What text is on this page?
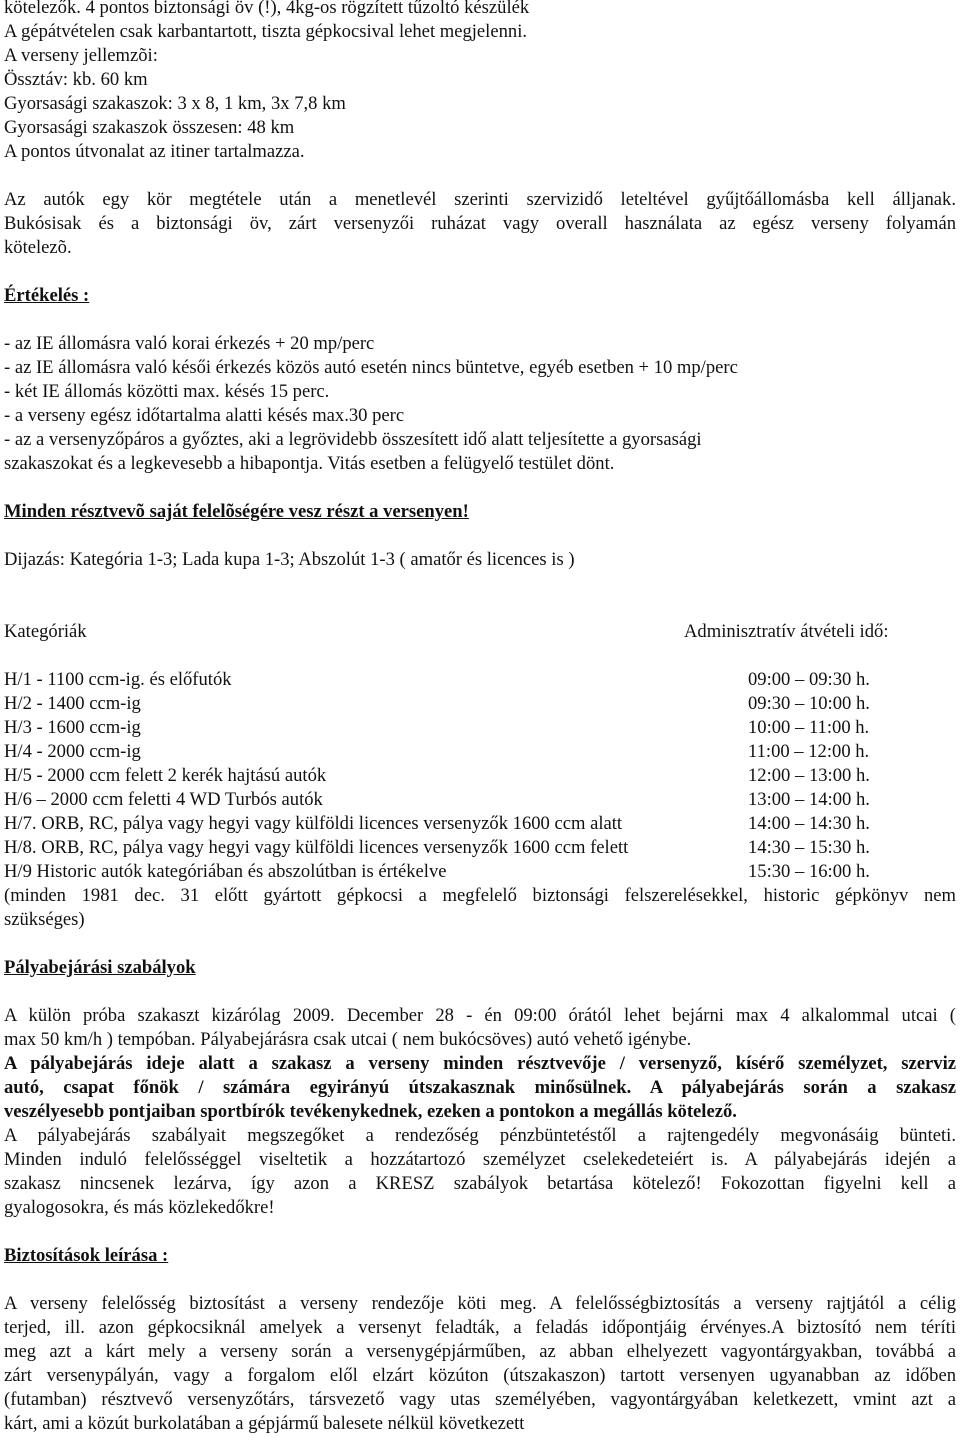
kötelezők. 4 pontos biztonsági öv (!), 4kg-os rögzített tűzoltó készülék
A gépátvételen csak karbantartott, tiszta gépkocsival lehet megjelenni.
A verseny jellemzõi:
Össztáv: kb. 60 km
Gyorsasági szakaszok: 3 x 8, 1 km, 3x 7,8 km
Gyorsasági szakaszok összesen: 48 km
A pontos útvonalat az itiner tartalmazza.
Az autók egy kör megtétele után a menetlevél szerinti szervizidő leteltével gyűjtőállomásba kell álljanak.
Bukósisak és a biztonsági öv, zárt versenyzői ruházat vagy overall használata az egész verseny folyamán
kötelezõ.
Értékelés :
- az IE állomásra való korai érkezés + 20 mp/perc
- az IE állomásra való késői érkezés közös autó esetén nincs büntetve, egyéb esetben + 10 mp/perc
- két IE állomás közötti max. késés 15 perc.
- a verseny egész időtartalma alatti késés max.30 perc
- az a versenyzőpáros a győztes, aki a legrövidebb összesített idő alatt teljesítette a gyorsasági
szakaszokat és a legkevesebb a hibapontja. Vitás esetben a felügyelő testület dönt.
Minden résztvevõ saját felelõségére vesz részt a versenyen!
Dijazás: Kategória 1-3; Lada kupa 1-3; Abszolút 1-3 ( amatőr és licences is )
Kategóriák	Adminisztratív átvételi idő:
H/1 - 1100 ccm-ig. és előfutók	09:00 – 09:30 h.
H/2 - 1400 ccm-ig	09:30 – 10:00 h.
H/3 - 1600 ccm-ig	10:00 – 11:00 h.
H/4 - 2000 ccm-ig	11:00 – 12:00 h.
H/5 - 2000 ccm felett 2 kerék hajtású autók	12:00 – 13:00 h.
H/6 – 2000 ccm feletti 4 WD Turbós autók	13:00 – 14:00 h.
H/7. ORB, RC, pálya vagy hegyi vagy külföldi licences versenyzők 1600 ccm alatt	14:00 – 14:30 h.
H/8. ORB, RC, pálya vagy hegyi vagy külföldi licences versenyzők 1600 ccm felett	14:30 – 15:30 h.
H/9 Historic autók kategóriában és abszolútban is értékelve	15:30 – 16:00 h.
(minden 1981 dec. 31 előtt gyártott gépkocsi a megfelelő biztonsági felszerelésekkel, historic gépkönyv nem
szükséges)
Pályabejárási szabályok
A külön próba szakaszt kizárólag 2009. December 28 - én 09:00 órától lehet bejárni max 4 alkalommal utcai (
max 50 km/h ) tempóban. Pályabejárásra csak utcai ( nem bukócsöves) autó vehető igénybe.
A pályabejárás ideje alatt a szakasz a verseny minden résztvevője / versenyző, kísérő személyzet, szerviz
autó, csapat főnök / számára egyirányú útszakasznak minősülnek. A pályabejárás során a szakasz
veszélyesebb pontjaiban sportbírók tevékenykednek, ezeken a pontokon a megállás kötelező.
A pályabejárás szabályait megszegőket a rendezőség pénzbüntetéstől a rajtengedély megvonásáig bünteti.
Minden induló felelősséggel viseltetik a hozzátartozó személyzet cselekedeteiért is. A pályabejárás idején a
szakasz nincsenek lezárva, így azon a KRESZ szabályok betartása kötelező! Fokozottan figyelni kell a
gyalogosokra, és más közlekedőkre!
Biztosítások leírása :
A verseny felelősség biztosítást a verseny rendezője köti meg. A felelősségbiztosítás a verseny rajtjától a célig
terjed, ill. azon gépkocsiknál amelyek a versenyt feladták, a feladás időpontjáig érvényes.A biztosító nem téríti
meg azt a kárt mely a verseny során a versenygépjárműben, az abban elhelyezett vagyontárgyakban, továbbá a
zárt versenypályán, vagy a forgalom elől elzárt közúton (útszakaszon) tartott versenyen ugyanabban az időben
(futamban) résztvevő versenyzőtárs, társvezető vagy utas személyében, vagyontárgyában keletkezett, vmint azt a
kárt, ami a közút burkolatában a gépjármű balesete nélkül következett
